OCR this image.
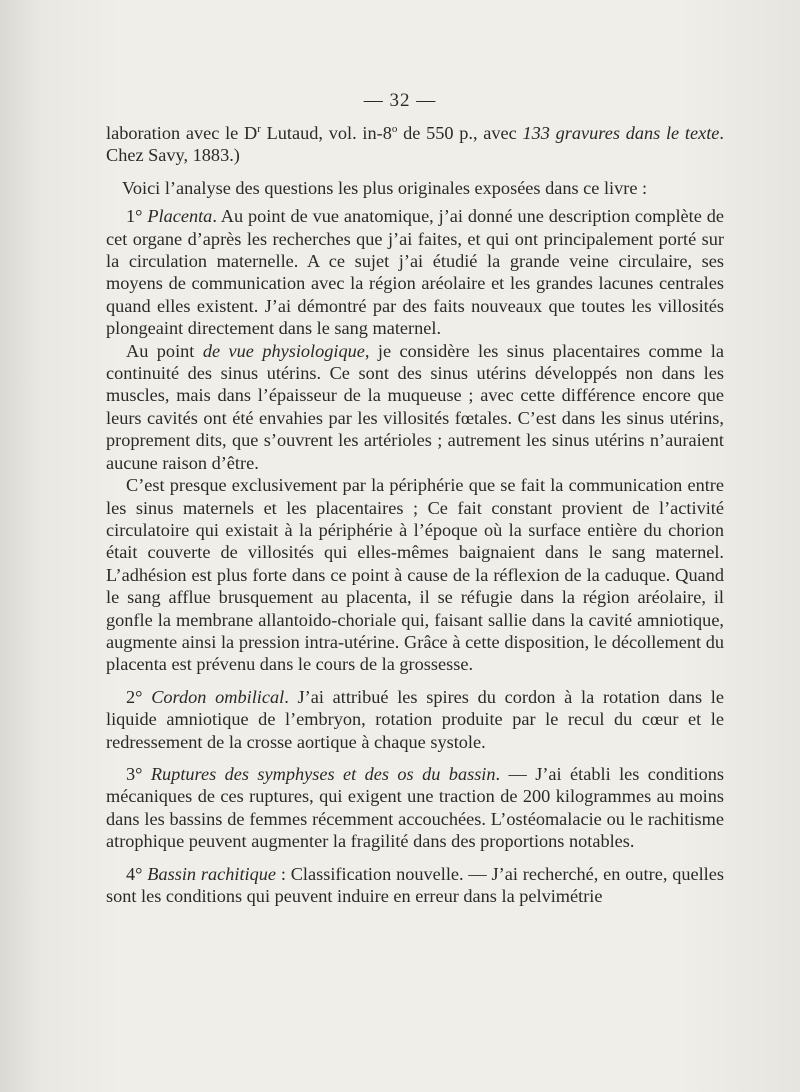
— 32 —

laboration avec le $D^r$ Lutaud, vol. in-8$^o$ de 550 p., avec 133 gravures dans le texte. Chez Savy, 1883.)

Voici l’analyse des questions les plus originales exposées dans ce livre :

1° Placenta. Au point de vue anatomique, j’ai donné une description complète de cet organe d’après les recherches que j’ai faites, et qui ont principalement porté sur la circulation maternelle. A ce sujet j’ai étudié la grande veine circulaire, ses moyens de communication avec la région aréolaire et les grandes lacunes centrales quand elles existent. J’ai démontré par des faits nouveaux que toutes les villosités plongeaint directement dans le sang maternel.

Au point de vue physiologique, je considère les sinus placentaires comme la continuité des sinus utérins. Ce sont des sinus utérins développés non dans les muscles, mais dans l’épaisseur de la muqueuse ; avec cette différence encore que leurs cavités ont été envahies par les villosités fœtales. C’est dans les sinus utérins, proprement dits, que s’ouvrent les artérioles ; autrement les sinus utérins n’auraient aucune raison d’être.

C’est presque exclusivement par la périphérie que se fait la communication entre les sinus maternels et les placentaires ; Ce fait constant provient de l’activité circulatoire qui existait à la périphérie à l’époque où la surface entière du chorion était couverte de villosités qui elles-mêmes baignaient dans le sang maternel. L’adhésion est plus forte dans ce point à cause de la réflexion de la caduque. Quand le sang afflue brusquement au placenta, il se réfugie dans la région aréolaire, il gonfle la membrane allantoido-choriale qui, faisant sallie dans la cavité amniotique, augmente ainsi la pression intra-utérine. Grâce à cette disposition, le décollement du placenta est prévenu dans le cours de la grossesse.

2° Cordon ombilical. J’ai attribué les spires du cordon à la rotation dans le liquide amniotique de l’embryon, rotation produite par le recul du cœur et le redressement de la crosse aortique à chaque systole.

3° Ruptures des symphyses et des os du bassin. — J’ai établi les conditions mécaniques de ces ruptures, qui exigent une traction de 200 kilogrammes au moins dans les bassins de femmes récemment accouchées. L’ostéomalacie ou le rachitisme atrophique peuvent augmenter la fragilité dans des proportions notables.

4° Bassin rachitique : Classification nouvelle. — J’ai recherché, en outre, quelles sont les conditions qui peuvent induire en erreur dans la pelvimétrie
